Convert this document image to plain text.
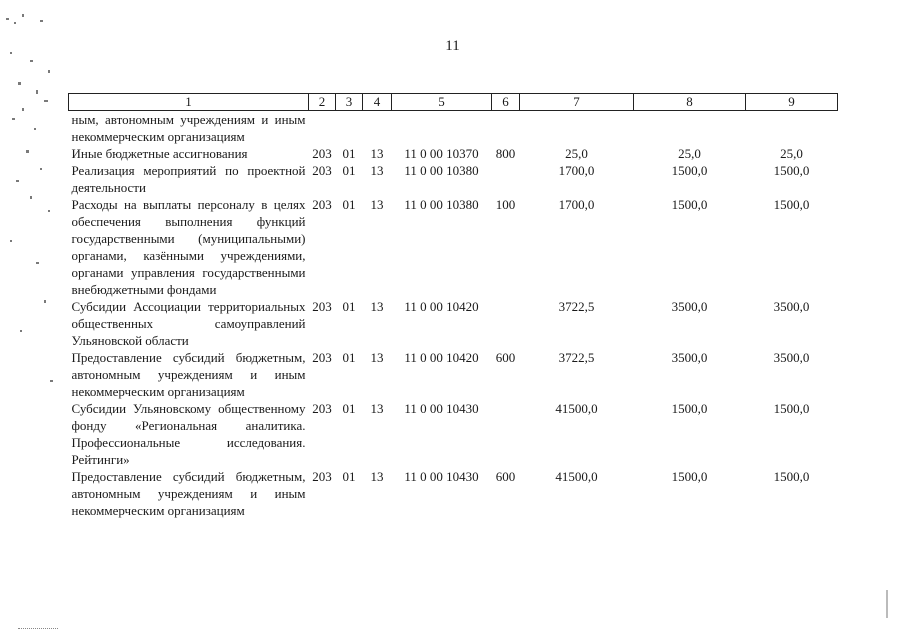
11
1	2	3	4	5	6	7	8	9
ным, автономным учреждениям и иным некоммерческим организациям								
Иные бюджетные ассигнования	203	01	13	11 0 00 10370	800	25,0	25,0	25,0
Реализация мероприятий по проектной деятельности	203	01	13	11 0 00 10380		1700,0	1500,0	1500,0
Расходы на выплаты персоналу в целях обеспечения выполнения функций государственными (муниципальными) органами, казёнными учреждениями, органами управления государственными внебюджетными фондами	203	01	13	11 0 00 10380	100	1700,0	1500,0	1500,0
Субсидии Ассоциации территориальных общественных самоуправлений Ульяновской области	203	01	13	11 0 00 10420		3722,5	3500,0	3500,0
Предоставление субсидий бюджетным, автономным учреждениям и иным некоммерческим организациям	203	01	13	11 0 00 10420	600	3722,5	3500,0	3500,0
Субсидии Ульяновскому общественному фонду «Региональная аналитика. Профессиональные исследования. Рейтинги»	203	01	13	11 0 00 10430		41500,0	1500,0	1500,0
Предоставление субсидий бюджетным, автономным учреждениям и иным некоммерческим организациям	203	01	13	11 0 00 10430	600	41500,0	1500,0	1500,0
